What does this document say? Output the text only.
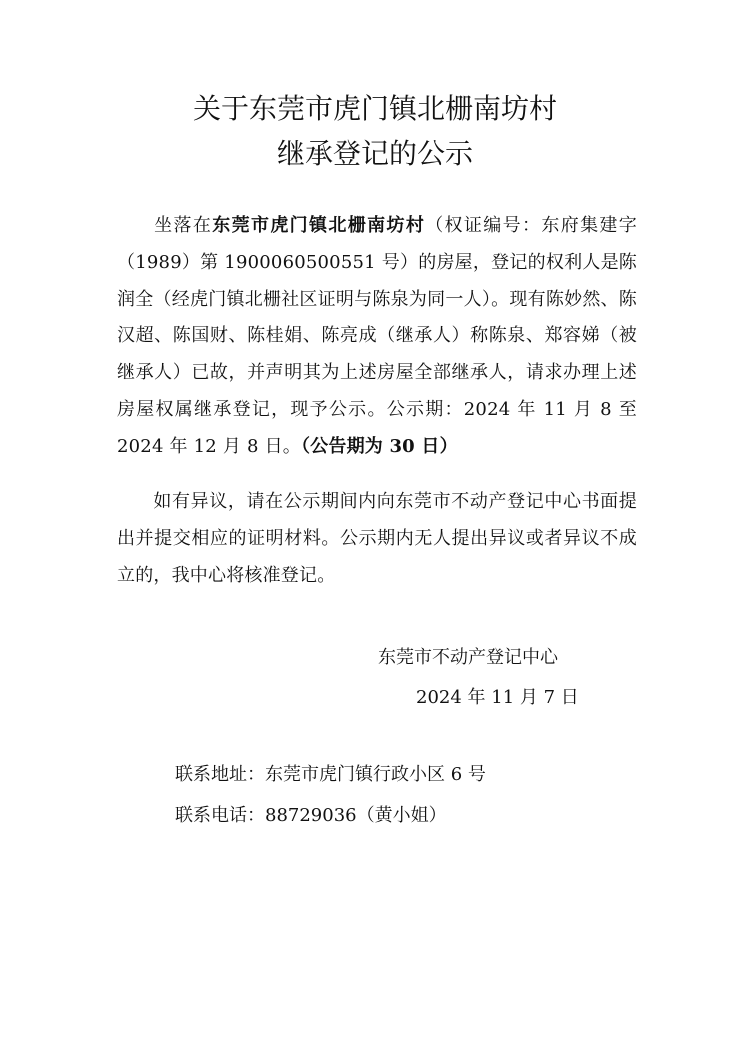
关于东莞市虎门镇北栅南坊村
继承登记的公示
坐落在东莞市虎门镇北栅南坊村（权证编号：东府集建字（1989）第 1900060500551 号）的房屋，登记的权利人是陈润全（经虎门镇北栅社区证明与陈泉为同一人）。现有陈妙然、陈汉超、陈国财、陈桂娟、陈亮成（继承人）称陈泉、郑容娣（被继承人）已故，并声明其为上述房屋全部继承人，请求办理上述房屋权属继承登记，现予公示。公示期：2024 年 11 月 8 至 2024 年 12 月 8 日。（公告期为 30 日）
如有异议，请在公示期间内向东莞市不动产登记中心书面提出并提交相应的证明材料。公示期内无人提出异议或者异议不成立的，我中心将核准登记。
东莞市不动产登记中心
2024 年 11 月 7 日
联系地址：东莞市虎门镇行政小区 6 号
联系电话：88729036（黄小姐）
